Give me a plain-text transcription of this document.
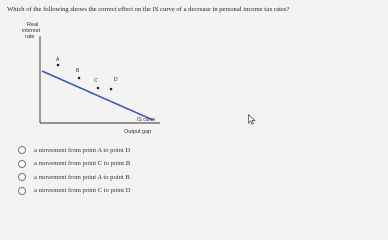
Which of the following shows the correct effect on the IS curve of a decrease in personal income tax rates?
Real
interest
rate
A
B
C	D
IS curve
Output gap
a movement from point A to point D
a movement from point C to point B
a movement from point A to point B
a movement from point C to point D
